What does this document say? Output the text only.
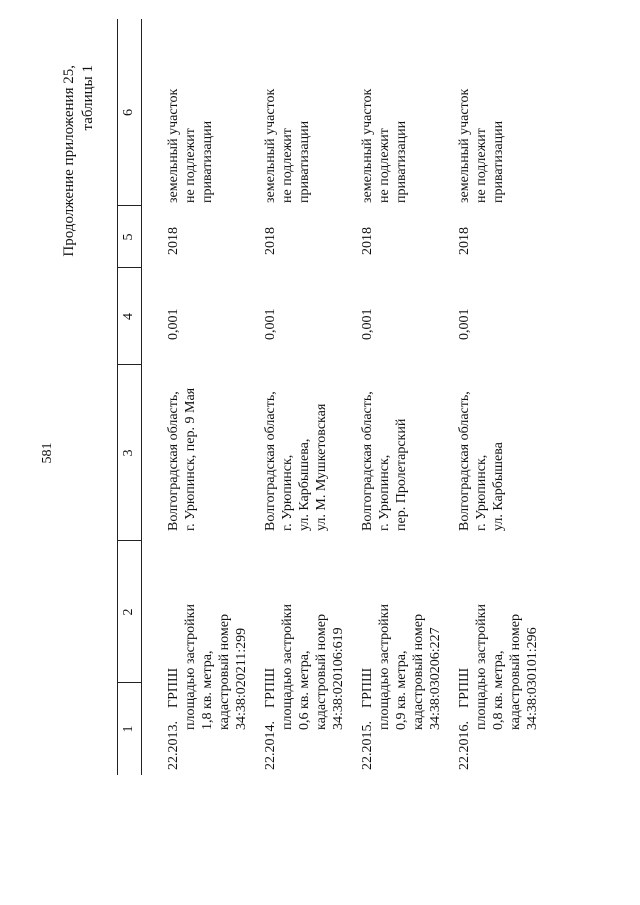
581
Продолжение приложения 25, таблицы 1
1
2
3
4
5
6
22.2013.
ГРПШ площадью застройки 1,8 кв. метра, кадастровый номер 34:38:020211:299
Волгоградская область, г. Урюпинск, пер. 9 Мая
0,001
2018
земельный участок не подлежит приватизации
22.2014.
ГРПШ площадью застройки 0,6 кв. метра, кадастровый номер 34:38:020106:619
Волгоградская область, г. Урюпинск, ул. Карбышева, ул. М. Мушкетовская
0,001
2018
земельный участок не подлежит приватизации
22.2015.
ГРПШ площадью застройки 0,9 кв. метра, кадастровый номер 34:38:030206:227
Волгоградская область, г. Урюпинск, пер. Пролетарский
0,001
2018
земельный участок не подлежит приватизации
22.2016.
ГРПШ площадью застройки 0,8 кв. метра, кадастровый номер 34:38:030101:296
Волгоградская область, г. Урюпинск, ул. Карбышева
0,001
2018
земельный участок не подлежит приватизации
